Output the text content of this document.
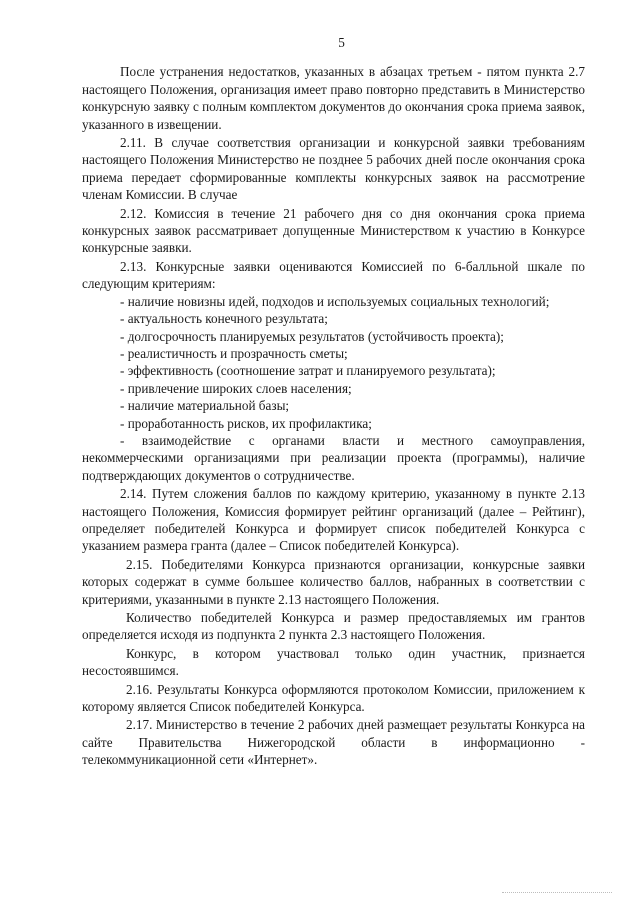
5

После устранения недостатков, указанных в абзацах третьем - пятом пункта 2.7 настоящего Положения, организация имеет право повторно представить в Министерство конкурсную заявку с полным комплектом документов до окончания срока приема заявок, указанного в извещении.

2.11. В случае соответствия организации и конкурсной заявки требованиям настоящего Положения Министерство не позднее 5 рабочих дней после окончания срока приема передает сформированные комплекты конкурсных заявок на рассмотрение членам Комиссии. В случае

2.12. Комиссия в течение 21 рабочего дня со дня окончания срока приема конкурсных заявок рассматривает допущенные Министерством к участию в Конкурсе конкурсные заявки.

2.13. Конкурсные заявки оцениваются Комиссией по 6-балльной шкале по следующим критериям:

- наличие новизны идей, подходов и используемых социальных технологий;

- актуальность конечного результата;

- долгосрочность планируемых результатов (устойчивость проекта);

- реалистичность и прозрачность сметы;

- эффективность (соотношение затрат и планируемого результата);

- привлечение широких слоев населения;

- наличие материальной базы;

- проработанность рисков, их профилактика;

- взаимодействие с органами власти и местного самоуправления, некоммерческими организациями при реализации проекта (программы), наличие подтверждающих документов о сотрудничестве.

2.14. Путем сложения баллов по каждому критерию, указанному в пункте 2.13 настоящего Положения, Комиссия формирует рейтинг организаций (далее – Рейтинг), определяет победителей Конкурса и формирует список победителей Конкурса с указанием размера гранта (далее – Список победителей Конкурса).

2.15. Победителями Конкурса признаются организации, конкурсные заявки которых содержат в сумме большее количество баллов, набранных в соответствии с критериями, указанными в пункте 2.13 настоящего Положения.

Количество победителей Конкурса и размер предоставляемых им грантов определяется исходя из подпункта 2 пункта 2.3 настоящего Положения.

Конкурс, в котором участвовал только один участник, признается несостоявшимся.

2.16. Результаты Конкурса оформляются протоколом Комиссии, приложением к которому является Список победителей Конкурса.

2.17. Министерство в течение 2 рабочих дней размещает результаты Конкурса на сайте Правительства Нижегородской области в информационно - телекоммуникационной сети «Интернет».
